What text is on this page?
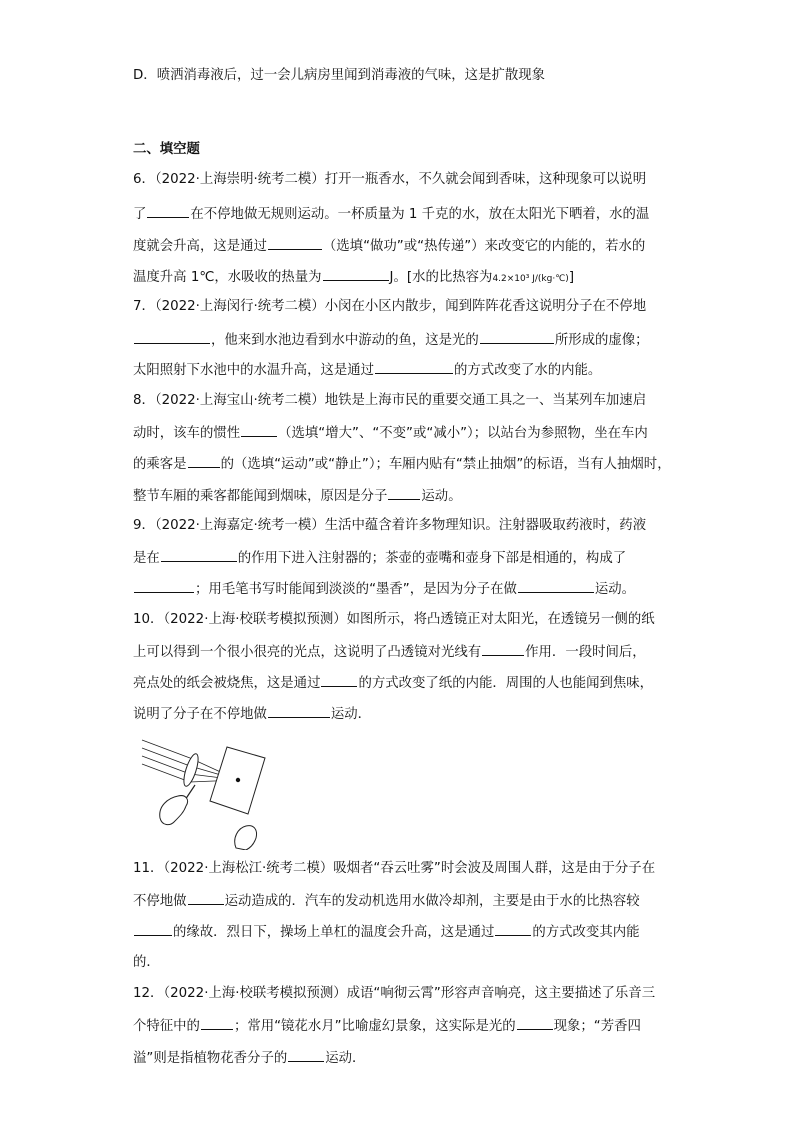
D．喷洒消毒液后，过一会儿病房里闻到消毒液的气味，这是扩散现象
二、填空题
6．（2022·上海崇明·统考二模）打开一瓶香水，不久就会闻到香味，这种现象可以说明
了	在不停地做无规则运动。一杯质量为 1 千克的水，放在太阳光下晒着，水的温
度就会升高，这是通过	（选填“做功”或“热传递”）来改变它的内能的，若水的
温度升高 1℃，水吸收的热量为	J。[水的比热容为4.2×10³ J/(kg·℃)]
7．（2022·上海闵行·统考二模）小闵在小区内散步，闻到阵阵花香这说明分子在不停地
，他来到水池边看到水中游动的鱼，这是光的	所形成的虚像；
太阳照射下水池中的水温升高，这是通过	的方式改变了水的内能。
8．（2022·上海宝山·统考二模）地铁是上海市民的重要交通工具之一、当某列车加速启
动时，该车的惯性	（选填“增大”、“不变”或“减小”）；以站台为参照物，坐在车内
的乘客是	的（选填“运动”或“静止”）；车厢内贴有“禁止抽烟”的标语，当有人抽烟时，
整节车厢的乘客都能闻到烟味，原因是分子	运动。
9．（2022·上海嘉定·统考一模）生活中蕴含着许多物理知识。注射器吸取药液时，药液
是在	的作用下进入注射器的；茶壶的壶嘴和壶身下部是相通的，构成了
；用毛笔书写时能闻到淡淡的“墨香”，是因为分子在做	运动。
10．（2022·上海·校联考模拟预测）如图所示，将凸透镜正对太阳光，在透镜另一侧的纸
上可以得到一个很小很亮的光点，这说明了凸透镜对光线有	作用．一段时间后，
亮点处的纸会被烧焦，这是通过	的方式改变了纸的内能．周围的人也能闻到焦味，
说明了分子在不停地做	运动．
11．（2022·上海松江·统考二模）吸烟者“吞云吐雾”时会波及周围人群，这是由于分子在
不停地做	运动造成的．汽车的发动机选用水做冷却剂，主要是由于水的比热容较
的缘故．烈日下，操场上单杠的温度会升高，这是通过	的方式改变其内能
的．
12．（2022·上海·校联考模拟预测）成语“响彻云霄”形容声音响亮，这主要描述了乐音三
个特征中的	；常用“镜花水月”比喻虚幻景象，这实际是光的	现象；“芳香四
溢”则是指植物花香分子的	运动．
